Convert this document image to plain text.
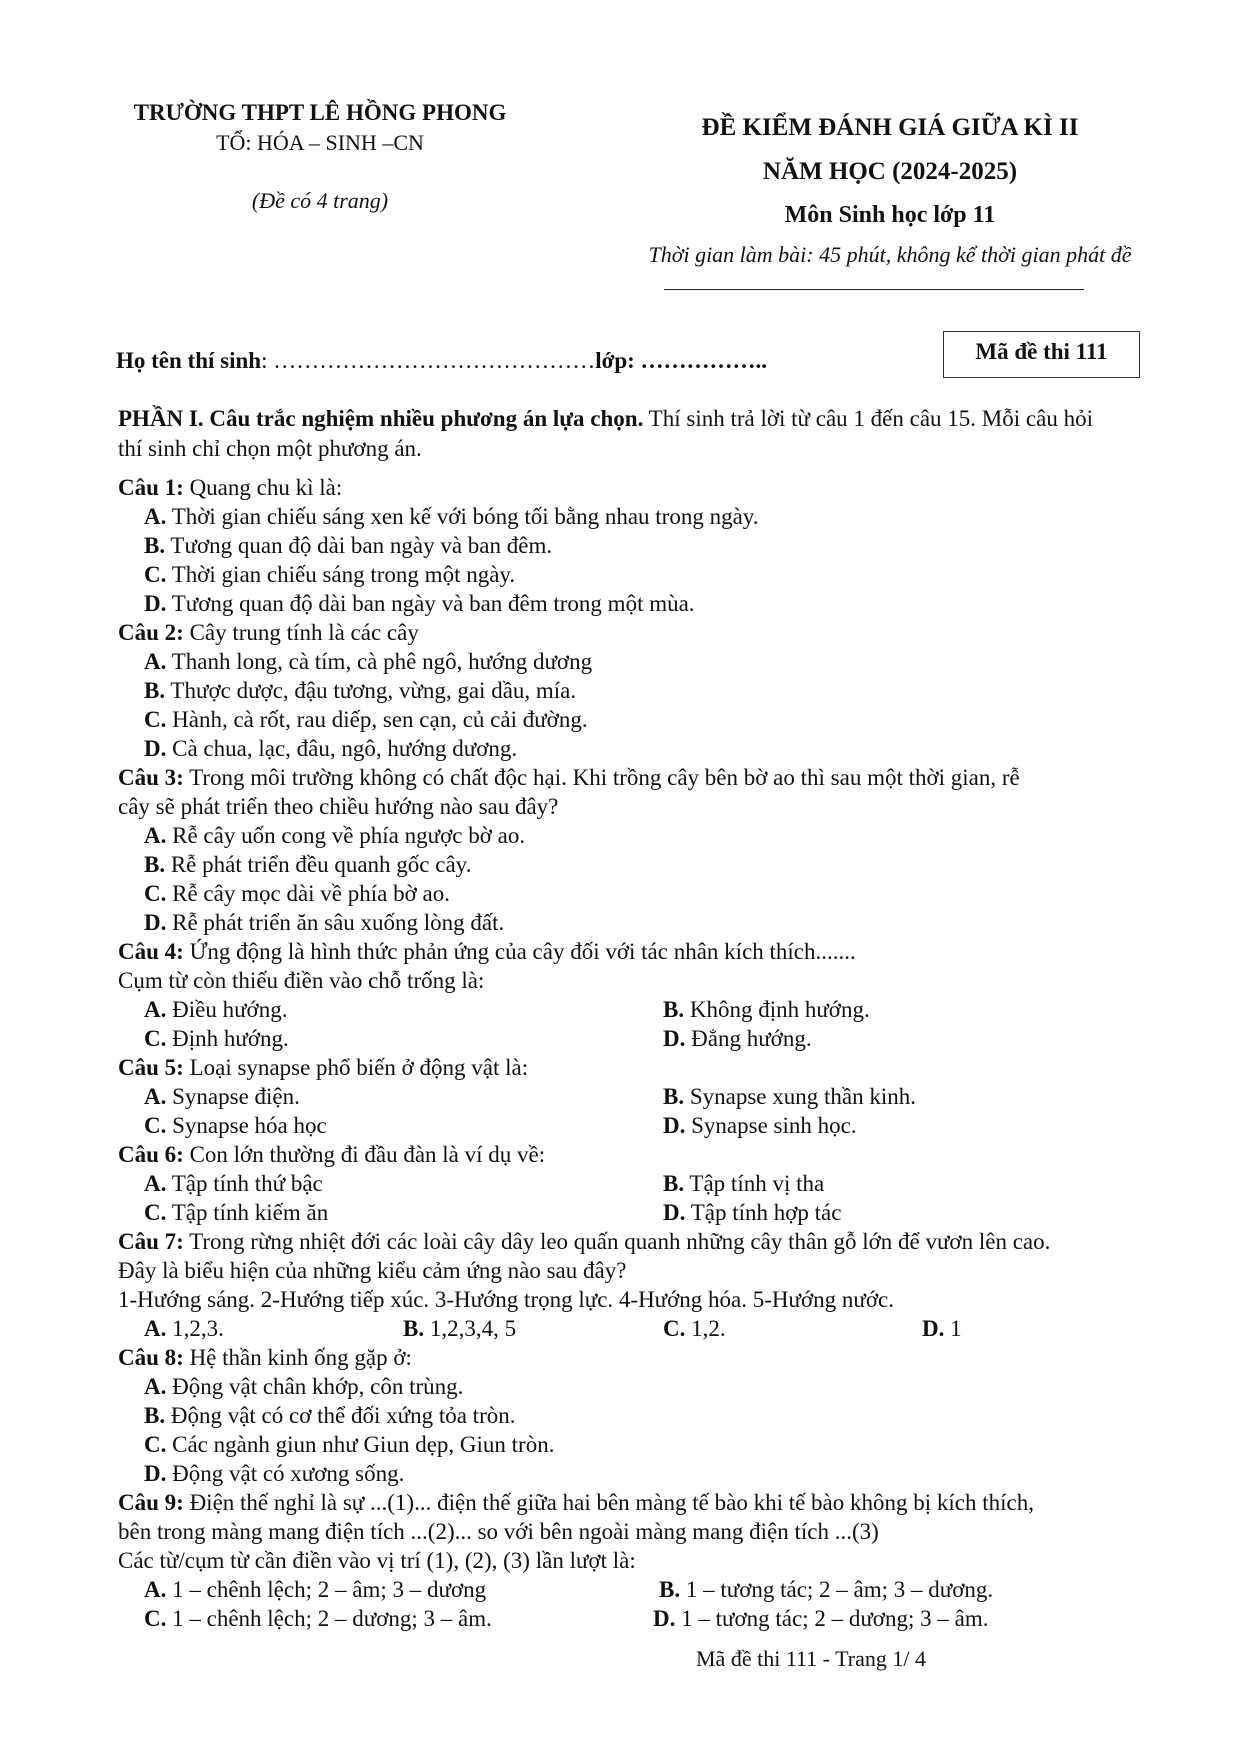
TRƯỜNG THPT LÊ HỒNG PHONG
TỔ: HÓA – SINH –CN
(Đề có 4 trang)
ĐỀ KIỂM ĐÁNH GIÁ GIỮA KÌ II
NĂM HỌC (2024-2025)
Môn Sinh học lớp 11
Thời gian làm bài: 45 phút, không kể thời gian phát đề
Họ tên thí sinh: ……………………………………lớp: ……………..	Mã đề thi 111
PHẦN I. Câu trắc nghiệm nhiều phương án lựa chọn. Thí sinh trả lời từ câu 1 đến câu 15. Mỗi câu hỏi thí sinh chỉ chọn một phương án.
Câu 1: Quang chu kì là:
A. Thời gian chiếu sáng xen kế với bóng tối bằng nhau trong ngày.
B. Tương quan độ dài ban ngày và ban đêm.
C. Thời gian chiếu sáng trong một ngày.
D. Tương quan độ dài ban ngày và ban đêm trong một mùa.
Câu 2: Cây trung tính là các cây
A. Thanh long, cà tím, cà phê ngô, hướng dương
B. Thược dược, đậu tương, vừng, gai dầu, mía.
C. Hành, cà rốt, rau diếp, sen cạn, củ cải đường.
D. Cà chua, lạc, đâu, ngô, hướng dương.
Câu 3: Trong môi trường không có chất độc hại. Khi trồng cây bên bờ ao thì sau một thời gian, rễ
cây sẽ phát triển theo chiều hướng nào sau đây?
A. Rễ cây uốn cong về phía ngược bờ ao.
B. Rễ phát triển đều quanh gốc cây.
C. Rễ cây mọc dài về phía bờ ao.
D. Rễ phát triển ăn sâu xuống lòng đất.
Câu 4: Ứng động là hình thức phản ứng của cây đối với tác nhân kích thích.......
Cụm từ còn thiếu điền vào chỗ trống là:
A. Điều hướng.	B. Không định hướng.
C. Định hướng.	D. Đẳng hướng.
Câu 5: Loại synapse phổ biến ở động vật là:
A. Synapse điện.	B. Synapse xung thần kinh.
C. Synapse hóa học	D. Synapse sinh học.
Câu 6: Con lớn thường đi đầu đàn là ví dụ về:
A. Tập tính thứ bậc	B. Tập tính vị tha
C. Tập tính kiếm ăn	D. Tập tính hợp tác
Câu 7: Trong rừng nhiệt đới các loài cây dây leo quấn quanh những cây thân gỗ lớn để vươn lên cao.
Đây là biểu hiện của những kiểu cảm ứng nào sau đây?
1-Hướng sáng. 2-Hướng tiếp xúc. 3-Hướng trọng lực. 4-Hướng hóa. 5-Hướng nước.
A. 1,2,3.	B. 1,2,3,4, 5	C. 1,2.	D. 1
Câu 8: Hệ thần kinh ống gặp ở:
A. Động vật chân khớp, côn trùng.
B. Động vật có cơ thể đối xứng tỏa tròn.
C. Các ngành giun như Giun dẹp, Giun tròn.
D. Động vật có xương sống.
Câu 9: Điện thế nghỉ là sự ...(1)... điện thế giữa hai bên màng tế bào khi tế bào không bị kích thích,
bên trong màng mang điện tích ...(2)... so với bên ngoài màng mang điện tích ...(3)
Các từ/cụm từ cần điền vào vị trí (1), (2), (3) lần lượt là:
A. 1 – chênh lệch; 2 – âm; 3 – dương	B. 1 – tương tác; 2 – âm; 3 – dương.
C. 1 – chênh lệch; 2 – dương; 3 – âm.	D. 1 – tương tác; 2 – dương; 3 – âm.
Mã đề thi 111 - Trang 1/ 4
